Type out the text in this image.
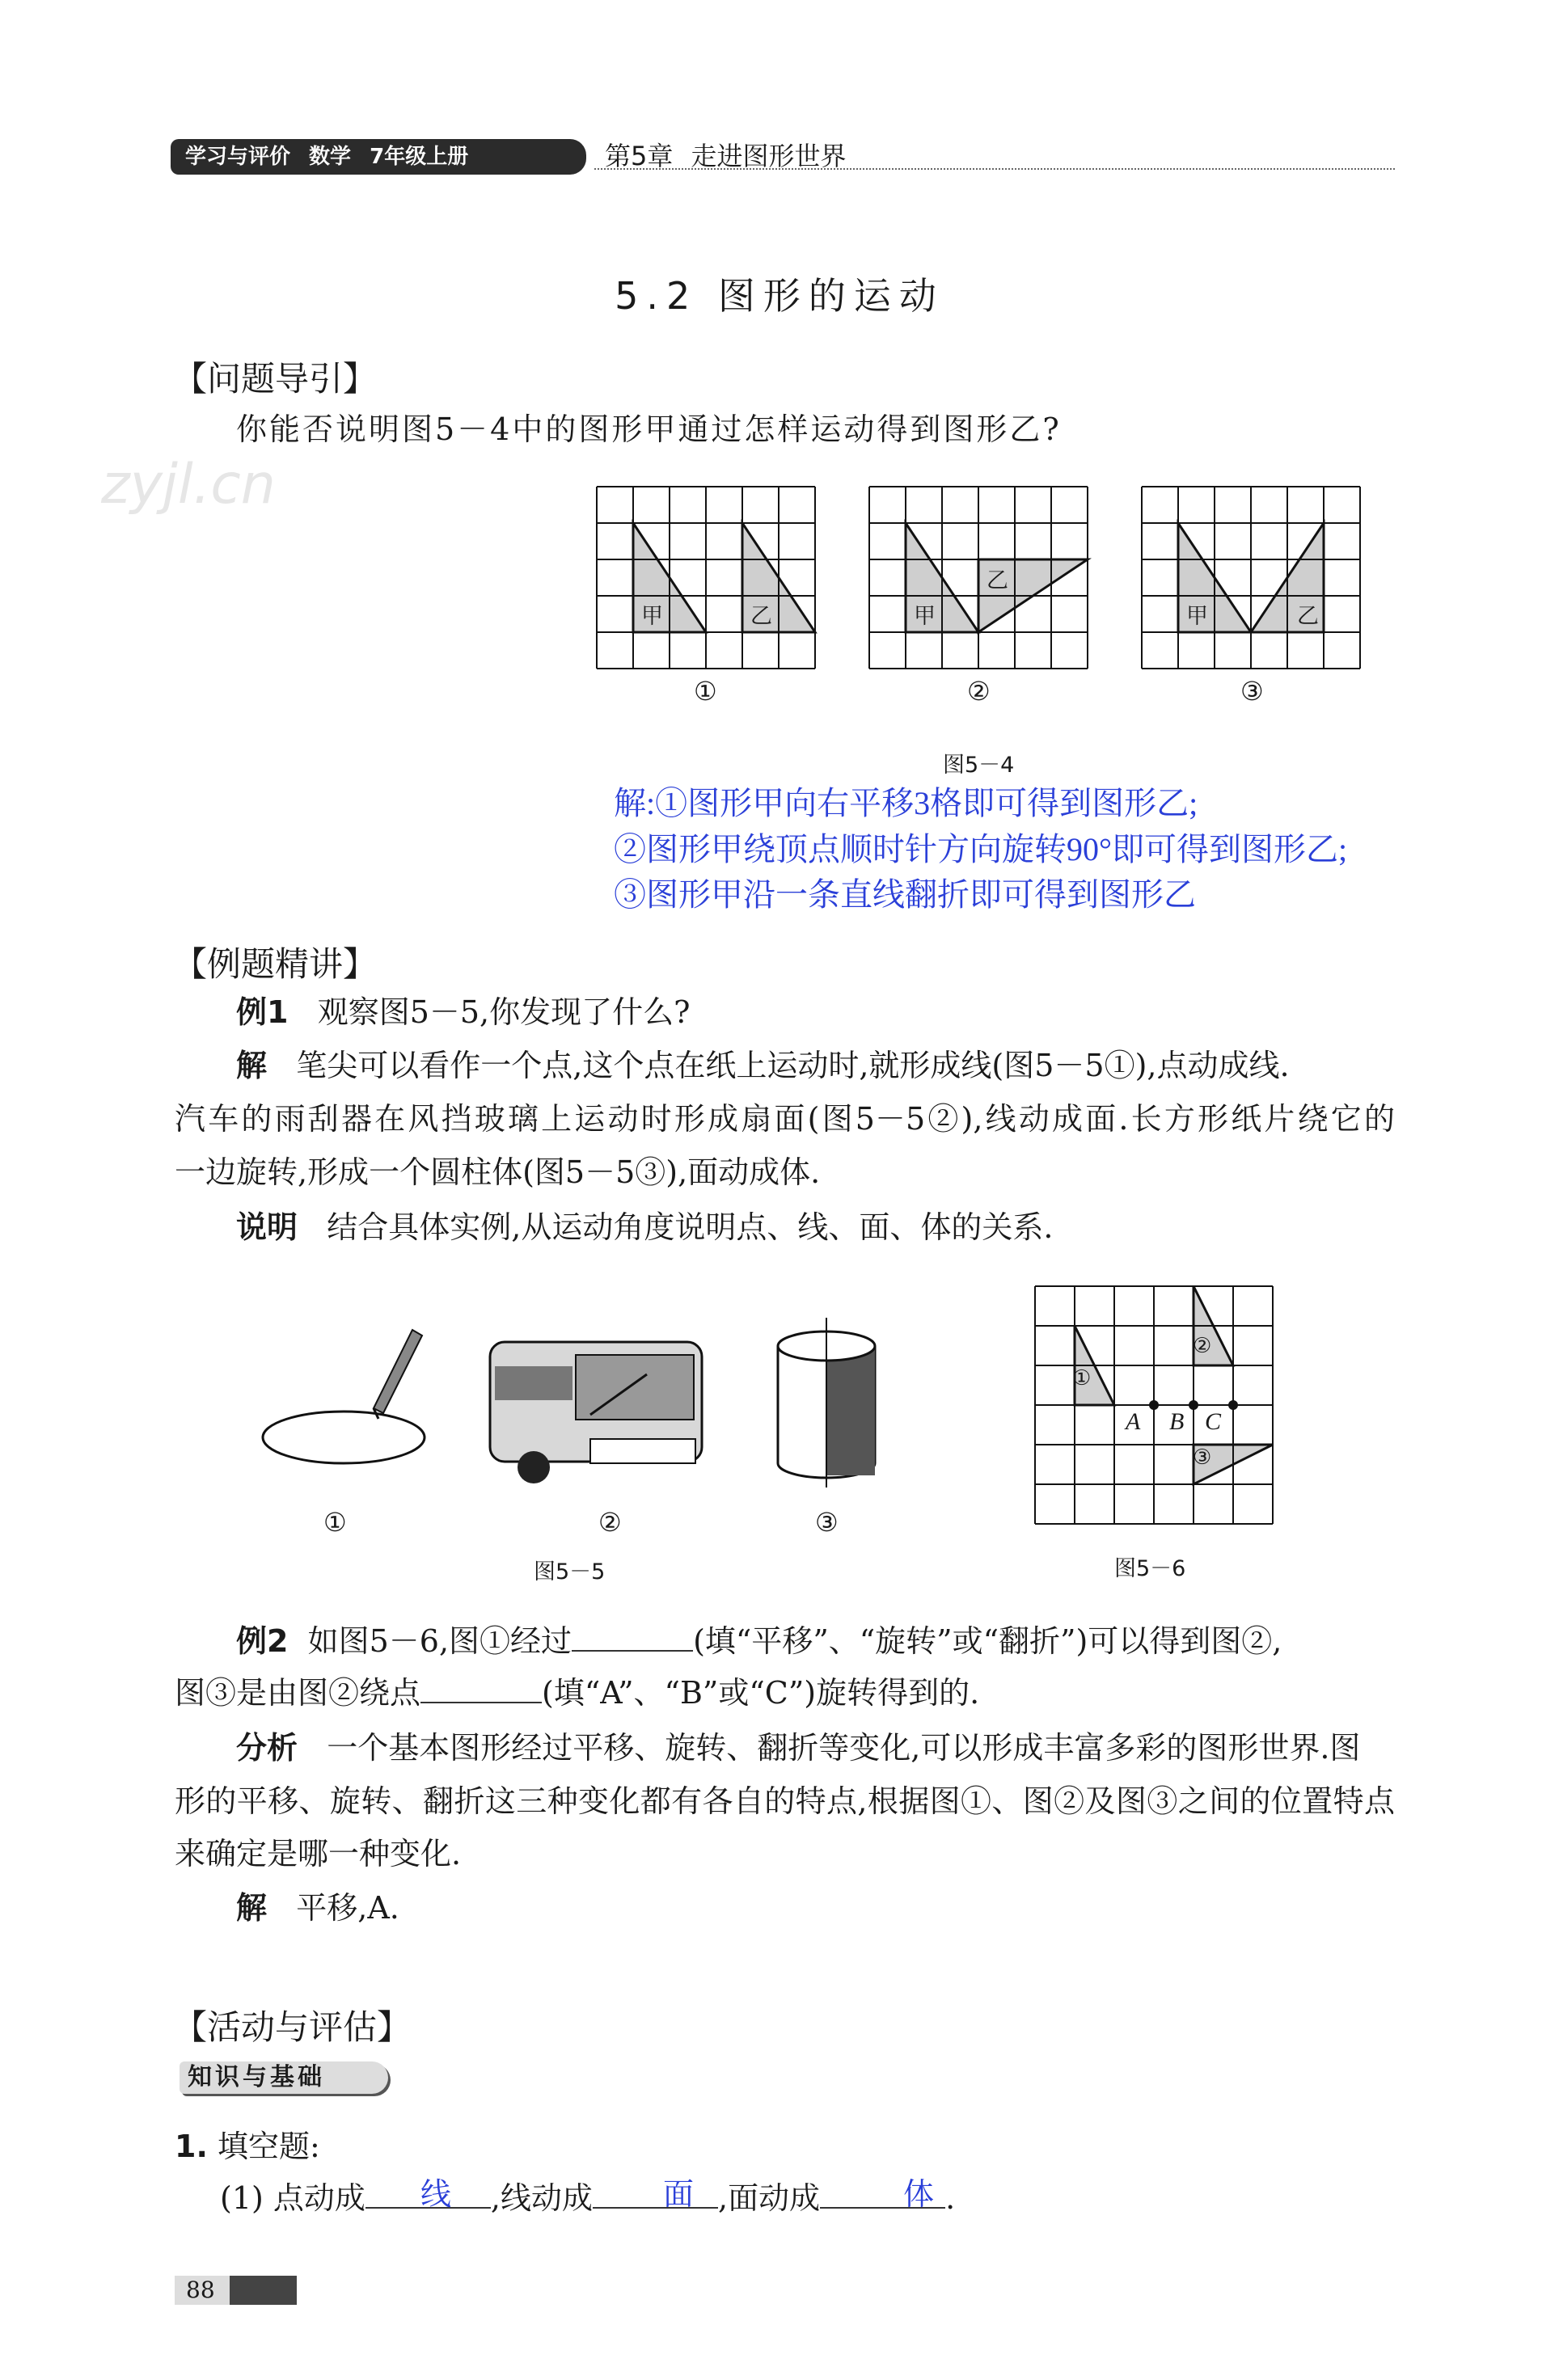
学习与评价 数学 7年级上册	第5章 走进图形世界
zyjl.cn
5.2 图形的运动
【问题导引】
你能否说明图5－4中的图形甲通过怎样运动得到图形乙?
①	②	③
图5－4
甲	乙	甲
乙
甲	乙
解:①图形甲向右平移3格即可得到图形乙;
②图形甲绕顶点顺时针方向旋转90°即可得到图形乙;
③图形甲沿一条直线翻折即可得到图形乙
【例题精讲】
例1 观察图5－5,你发现了什么?
解 笔尖可以看作一个点,这个点在纸上运动时,就形成线(图5－5①),点动成线.
汽车的雨刮器在风挡玻璃上运动时形成扇面(图5－5②),线动成面.长方形纸片绕它的
一边旋转,形成一个圆柱体(图5－5③),面动成体.
说明 结合具体实例,从运动角度说明点、线、面、体的关系.
①	②	③
图5－5
①
②
③
A B C
图5－6
例2 如图5－6,图①经过	(填“平移”、“旋转”或“翻折”)可以得到图②,
图③是由图②绕点	(填“A”、“B”或“C”)旋转得到的.
分析 一个基本图形经过平移、旋转、翻折等变化,可以形成丰富多彩的图形世界.图
形的平移、旋转、翻折这三种变化都有各自的特点,根据图①、图②及图③之间的位置特点
来确定是哪一种变化.
解 平移,A.
【活动与评估】
知识与基础
1. 填空题:
(1) 点动成	,线动成	,面动成	.
线	面	体
88
